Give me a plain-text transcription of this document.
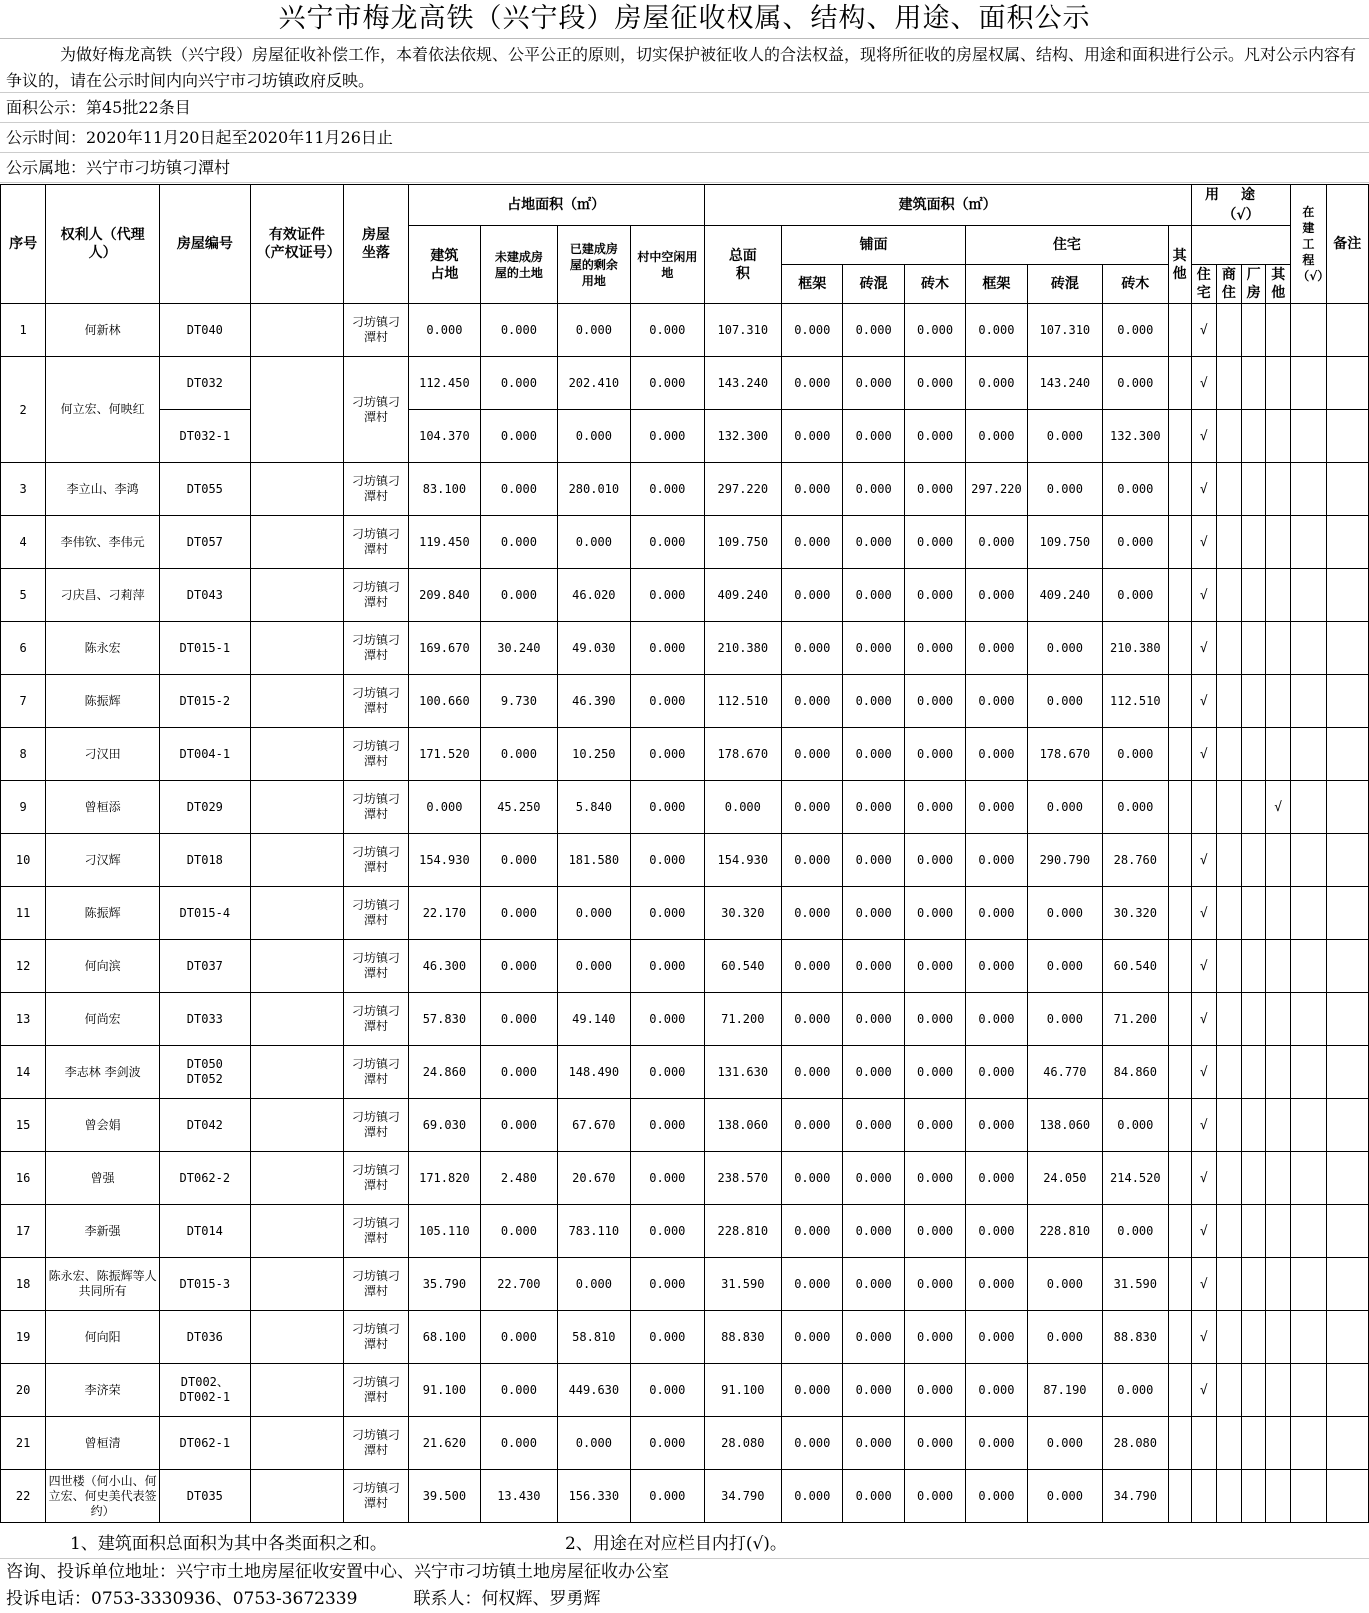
兴宁市梅龙高铁（兴宁段）房屋征收权属、结构、用途、面积公示
为做好梅龙高铁（兴宁段）房屋征收补偿工作，本着依法依规、公平公正的原则，切实保护被征收人的合法权益，现将所征收的房屋权属、结构、用途和面积进行公示。凡对公示内容有争议的，请在公示时间内向兴宁市刁坊镇政府反映。
面积公示：第45批22条目
公示时间：2020年11月20日起至2020年11月26日止
公示属地：兴宁市刁坊镇刁潭村
序号	权利人（代理人）	房屋编号	有效证件（产权证号）	房屋坐落	占地面积（㎡）				建筑面积（㎡）								用途
（√）				在建工程（√）	备注
					建筑占地	未建成房屋的土地	已建成房屋的剩余用地	村中空闲用地	总面积	铺面			住宅			其他						
										框架	砖混	砖木	框架	砖混	砖木		住宅	商住	厂房	其他		
1	何新林	DT040		刁坊镇刁潭村	0.000	0.000	0.000	0.000	107.310	0.000	0.000	0.000	0.000	107.310	0.000		√					
2	何立宏、何映红	DT032		刁坊镇刁潭村	112.450	0.000	202.410	0.000	143.240	0.000	0.000	0.000	0.000	143.240	0.000		√					
		DT032-1			104.370	0.000	0.000	0.000	132.300	0.000	0.000	0.000	0.000	0.000	132.300		√					
3	李立山、李鸿	DT055		刁坊镇刁潭村	83.100	0.000	280.010	0.000	297.220	0.000	0.000	0.000	297.220	0.000	0.000		√					
4	李伟钦、李伟元	DT057		刁坊镇刁潭村	119.450	0.000	0.000	0.000	109.750	0.000	0.000	0.000	0.000	109.750	0.000		√					
5	刁庆昌、刁莉萍	DT043		刁坊镇刁潭村	209.840	0.000	46.020	0.000	409.240	0.000	0.000	0.000	0.000	409.240	0.000		√					
6	陈永宏	DT015-1		刁坊镇刁潭村	169.670	30.240	49.030	0.000	210.380	0.000	0.000	0.000	0.000	0.000	210.380		√					
7	陈振辉	DT015-2		刁坊镇刁潭村	100.660	9.730	46.390	0.000	112.510	0.000	0.000	0.000	0.000	0.000	112.510		√					
8	刁汉田	DT004-1		刁坊镇刁潭村	171.520	0.000	10.250	0.000	178.670	0.000	0.000	0.000	0.000	178.670	0.000		√					
9	曾桓添	DT029		刁坊镇刁潭村	0.000	45.250	5.840	0.000	0.000	0.000	0.000	0.000	0.000	0.000	0.000					√		
10	刁汉辉	DT018		刁坊镇刁潭村	154.930	0.000	181.580	0.000	154.930	0.000	0.000	0.000	0.000	290.790	28.760		√					
11	陈振辉	DT015-4		刁坊镇刁潭村	22.170	0.000	0.000	0.000	30.320	0.000	0.000	0.000	0.000	0.000	30.320		√					
12	何向滨	DT037		刁坊镇刁潭村	46.300	0.000	0.000	0.000	60.540	0.000	0.000	0.000	0.000	0.000	60.540		√					
13	何尚宏	DT033		刁坊镇刁潭村	57.830	0.000	49.140	0.000	71.200	0.000	0.000	0.000	0.000	0.000	71.200		√					
14	李志林 李剑波	DT050 DT052		刁坊镇刁潭村	24.860	0.000	148.490	0.000	131.630	0.000	0.000	0.000	0.000	46.770	84.860		√					
15	曾会娟	DT042		刁坊镇刁潭村	69.030	0.000	67.670	0.000	138.060	0.000	0.000	0.000	0.000	138.060	0.000		√					
16	曾强	DT062-2		刁坊镇刁潭村	171.820	2.480	20.670	0.000	238.570	0.000	0.000	0.000	0.000	24.050	214.520		√					
17	李新强	DT014		刁坊镇刁潭村	105.110	0.000	783.110	0.000	228.810	0.000	0.000	0.000	0.000	228.810	0.000		√					
18	陈永宏、陈振辉等人共同所有	DT015-3		刁坊镇刁潭村	35.790	22.700	0.000	0.000	31.590	0.000	0.000	0.000	0.000	0.000	31.590		√					
19	何向阳	DT036		刁坊镇刁潭村	68.100	0.000	58.810	0.000	88.830	0.000	0.000	0.000	0.000	0.000	88.830		√					
20	李济荣	DT002、DT002-1		刁坊镇刁潭村	91.100	0.000	449.630	0.000	91.100	0.000	0.000	0.000	0.000	87.190	0.000		√					
21	曾桓清	DT062-1		刁坊镇刁潭村	21.620	0.000	0.000	0.000	28.080	0.000	0.000	0.000	0.000	0.000	28.080							
22	四世楼（何小山、何立宏、何史美代表签约）	DT035		刁坊镇刁潭村	39.500	13.430	156.330	0.000	34.790	0.000	0.000	0.000	0.000	0.000	34.790							
1、建筑面积总面积为其中各类面积之和。	2、用途在对应栏目内打(√)。
咨询、投诉单位地址：兴宁市土地房屋征收安置中心、兴宁市刁坊镇土地房屋征收办公室
投诉电话：0753-3330936、0753-3672339	联系人：何权辉、罗勇辉
